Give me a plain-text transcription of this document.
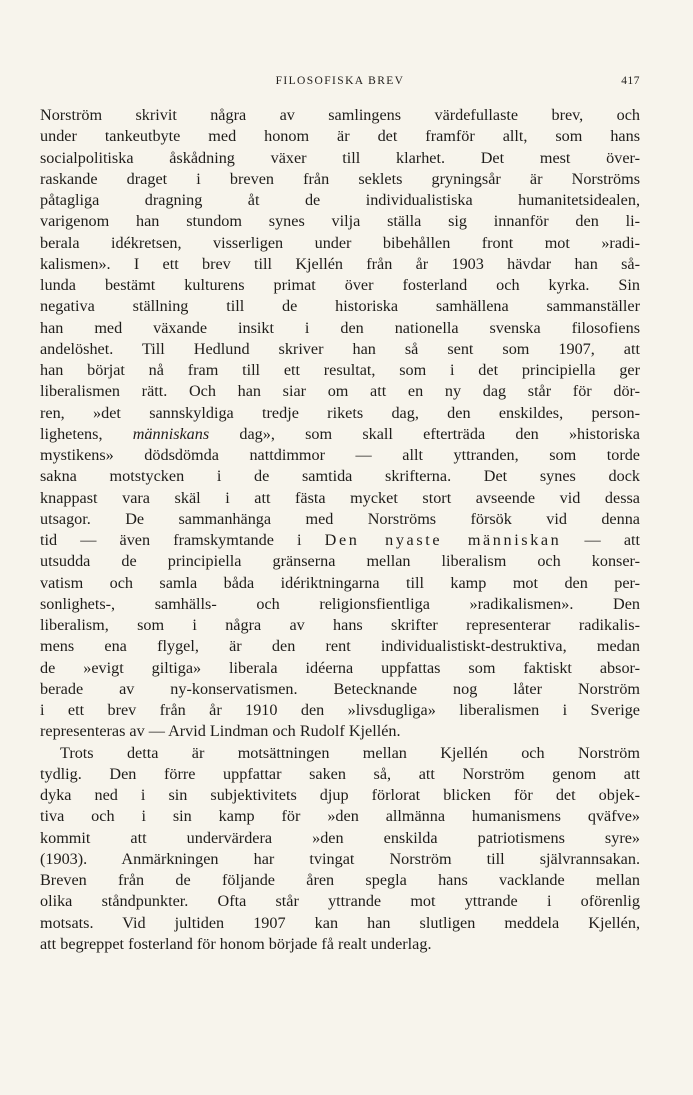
FILOSOFISKA BREV	417
Norström skrivit några av samlingens värdefullaste brev, och
under tankeutbyte med honom är det framför allt, som hans
socialpolitiska åskådning växer till klarhet. Det mest över-
raskande draget i breven från seklets gryningsår är Norströms
påtagliga dragning åt de individualistiska humanitetsidealen,
varigenom han stundom synes vilja ställa sig innanför den li-
berala idékretsen, visserligen under bibehållen front mot »radi-
kalismen». I ett brev till Kjellén från år 1903 hävdar han så-
lunda bestämt kulturens primat över fosterland och kyrka. Sin
negativa ställning till de historiska samhällena sammanställer
han med växande insikt i den nationella svenska filosofiens
andelöshet. Till Hedlund skriver han så sent som 1907, att
han börjat nå fram till ett resultat, som i det principiella ger
liberalismen rätt. Och han siar om att en ny dag står för dör-
ren, »det sannskyldiga tredje rikets dag, den enskildes, person-
lighetens, människans dag», som skall efterträda den »historiska
mystikens» dödsdömda nattdimmor — allt yttranden, som torde
sakna motstycken i de samtida skrifterna. Det synes dock
knappast vara skäl i att fästa mycket stort avseende vid dessa
utsagor. De sammanhänga med Norströms försök vid denna
tid — även framskymtande i Den nyaste människan — att
utsudda de principiella gränserna mellan liberalism och konser-
vatism och samla båda idériktningarna till kamp mot den per-
sonlighets-, samhälls- och religionsfientliga »radikalismen». Den
liberalism, som i några av hans skrifter representerar radikalis-
mens ena flygel, är den rent individualistiskt-destruktiva, medan
de »evigt giltiga» liberala idéerna uppfattas som faktiskt absor-
berade av ny-konservatismen. Betecknande nog låter Norström
i ett brev från år 1910 den »livsdugliga» liberalismen i Sverige
representeras av — Arvid Lindman och Rudolf Kjellén.
Trots detta är motsättningen mellan Kjellén och Norström
tydlig. Den förre uppfattar saken så, att Norström genom att
dyka ned i sin subjektivitets djup förlorat blicken för det objek-
tiva och i sin kamp för »den allmänna humanismens qväfve»
kommit att undervärdera »den enskilda patriotismens syre»
(1903). Anmärkningen har tvingat Norström till självrannsakan.
Breven från de följande åren spegla hans vacklande mellan
olika ståndpunkter. Ofta står yttrande mot yttrande i oförenlig
motsats. Vid jultiden 1907 kan han slutligen meddela Kjellén,
att begreppet fosterland för honom började få realt underlag.
